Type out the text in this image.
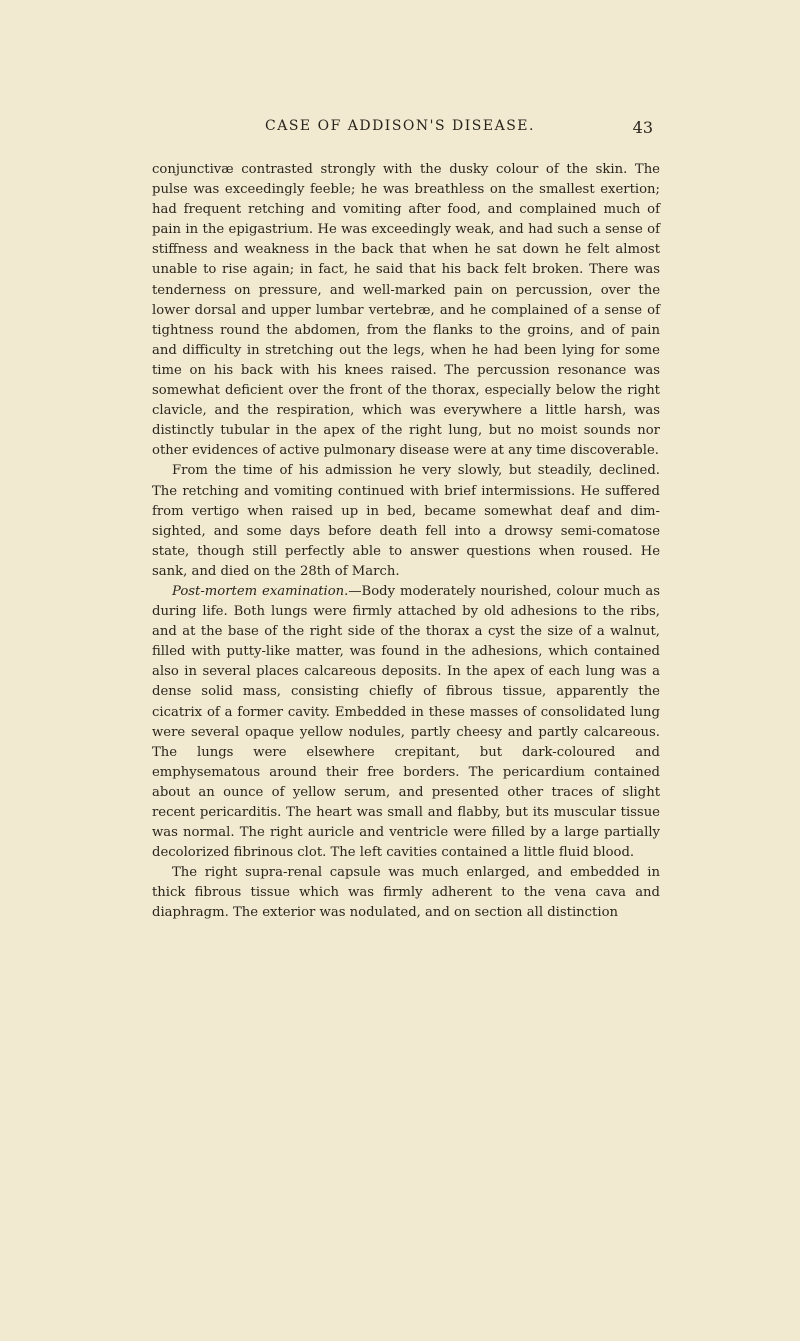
CASE OF ADDISON'S DISEASE.	43

conjunctivæ contrasted strongly with the dusky colour of the skin. The pulse was exceedingly feeble; he was breathless on the smallest exertion; had frequent retching and vomiting after food, and complained much of pain in the epigastrium. He was exceedingly weak, and had such a sense of stiffness and weakness in the back that when he sat down he felt almost unable to rise again; in fact, he said that his back felt broken. There was tenderness on pressure, and well-marked pain on percussion, over the lower dorsal and upper lumbar vertebræ, and he complained of a sense of tightness round the abdomen, from the flanks to the groins, and of pain and difficulty in stretching out the legs, when he had been lying for some time on his back with his knees raised. The percussion resonance was somewhat deficient over the front of the thorax, especially below the right clavicle, and the respiration, which was everywhere a little harsh, was distinctly tubular in the apex of the right lung, but no moist sounds nor other evidences of active pulmonary disease were at any time discoverable.

From the time of his admission he very slowly, but steadily, declined. The retching and vomiting continued with brief intermissions. He suffered from vertigo when raised up in bed, became somewhat deaf and dim-sighted, and some days before death fell into a drowsy semi-comatose state, though still perfectly able to answer questions when roused. He sank, and died on the 28th of March.

Post-mortem examination.—Body moderately nourished, colour much as during life. Both lungs were firmly attached by old adhesions to the ribs, and at the base of the right side of the thorax a cyst the size of a walnut, filled with putty-like matter, was found in the adhesions, which contained also in several places calcareous deposits. In the apex of each lung was a dense solid mass, consisting chiefly of fibrous tissue, apparently the cicatrix of a former cavity. Embedded in these masses of consolidated lung were several opaque yellow nodules, partly cheesy and partly calcareous. The lungs were elsewhere crepitant, but dark-coloured and emphysematous around their free borders. The pericardium contained about an ounce of yellow serum, and presented other traces of slight recent pericarditis. The heart was small and flabby, but its muscular tissue was normal. The right auricle and ventricle were filled by a large partially decolorized fibrinous clot. The left cavities contained a little fluid blood.

The right supra-renal capsule was much enlarged, and embedded in thick fibrous tissue which was firmly adherent to the vena cava and diaphragm. The exterior was nodulated, and on section all distinction
